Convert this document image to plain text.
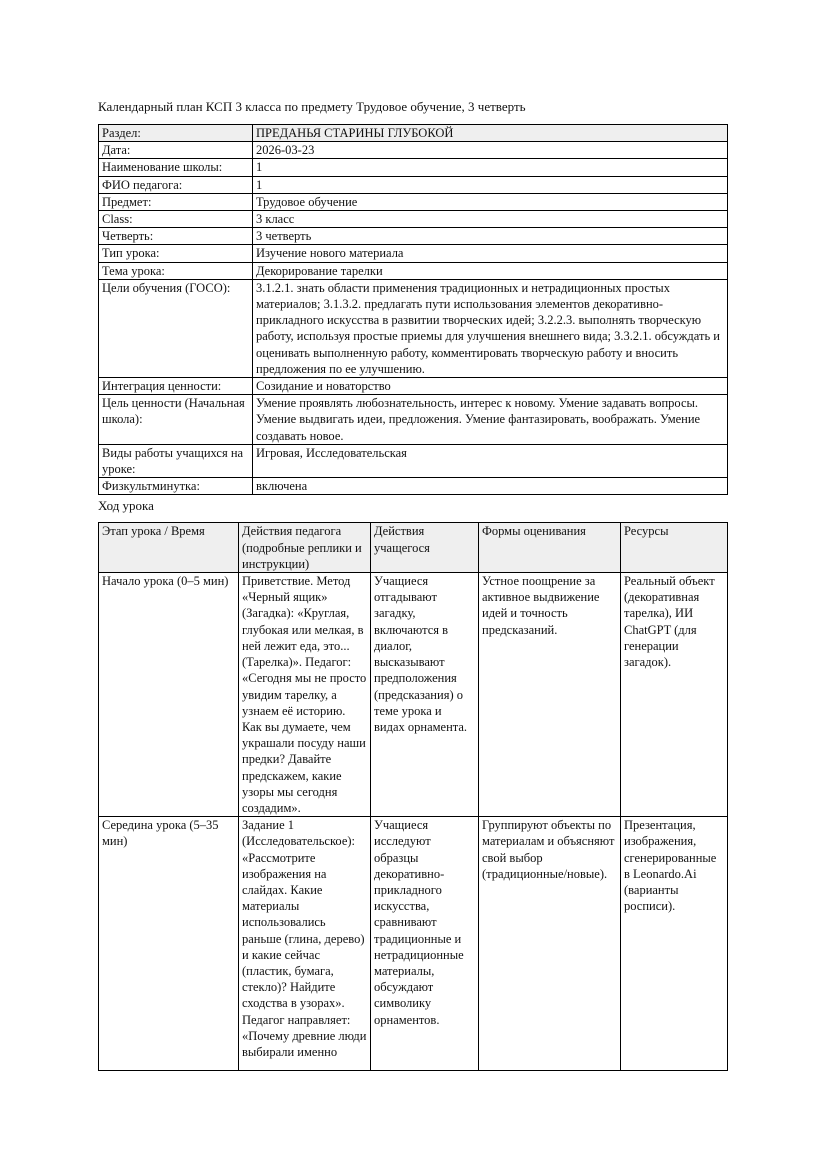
Календарный план КСП 3 класса по предмету Трудовое обучение, 3 четверть

Раздел:	ПРЕДАНЬЯ СТАРИНЫ ГЛУБОКОЙ
Дата:	2026-03-23
Наименование школы:	1
ФИО педагога:	1
Предмет:	Трудовое обучение
Class:	3 класс
Четверть:	3 четверть
Тип урока:	Изучение нового материала
Тема урока:	Декорирование тарелки
Цели обучения (ГОСО):	3.1.2.1. знать области применения традиционных и нетрадиционных простых материалов; 3.1.3.2. предлагать пути использования элементов декоративно-прикладного искусства в развитии творческих идей; 3.2.2.3. выполнять творческую работу, используя простые приемы для улучшения внешнего вида; 3.3.2.1. обсуждать и оценивать выполненную работу, комментировать творческую работу и вносить предложения по ее улучшению.
Интеграция ценности:	Созидание и новаторство
Цель ценности (Начальная школа):	Умение проявлять любознательность, интерес к новому. Умение задавать вопросы. Умение выдвигать идеи, предложения. Умение фантазировать, воображать. Умение создавать новое.
Виды работы учащихся на уроке:	Игровая, Исследовательская
Физкультминутка:	включена

Ход урока

Этап урока / Время	Действия педагога (подробные реплики и инструкции)	Действия учащегося	Формы оценивания	Ресурсы
Начало урока (0–5 мин)	Приветствие. Метод «Черный ящик» (Загадка): «Круглая, глубокая или мелкая, в ней лежит еда, это... (Тарелка)». Педагог: «Сегодня мы не просто увидим тарелку, а узнаем её историю. Как вы думаете, чем украшали посуду наши предки? Давайте предскажем, какие узоры мы сегодня создадим».	Учащиеся отгадывают загадку, включаются в диалог, высказывают предположения (предсказания) о теме урока и видах орнамента.	Устное поощрение за активное выдвижение идей и точность предсказаний.	Реальный объект (декоративная тарелка), ИИ ChatGPT (для генерации загадок).

Середина урока (5–35 мин)	Задание 1 (Исследовательское): «Рассмотрите изображения на слайдах. Какие материалы использовались раньше (глина, дерево) и какие сейчас (пластик, бумага, стекло)? Найдите сходства в узорах». Педагог направляет: «Почему древние люди выбирали именно	Учащиеся исследуют образцы декоративно-прикладного искусства, сравнивают традиционные и нетрадиционные материалы, обсуждают символику орнаментов.	Группируют объекты по материалам и объясняют свой выбор (традиционные/новые).	Презентация, изображения, сгенерированные в Leonardo.Ai (варианты росписи).
